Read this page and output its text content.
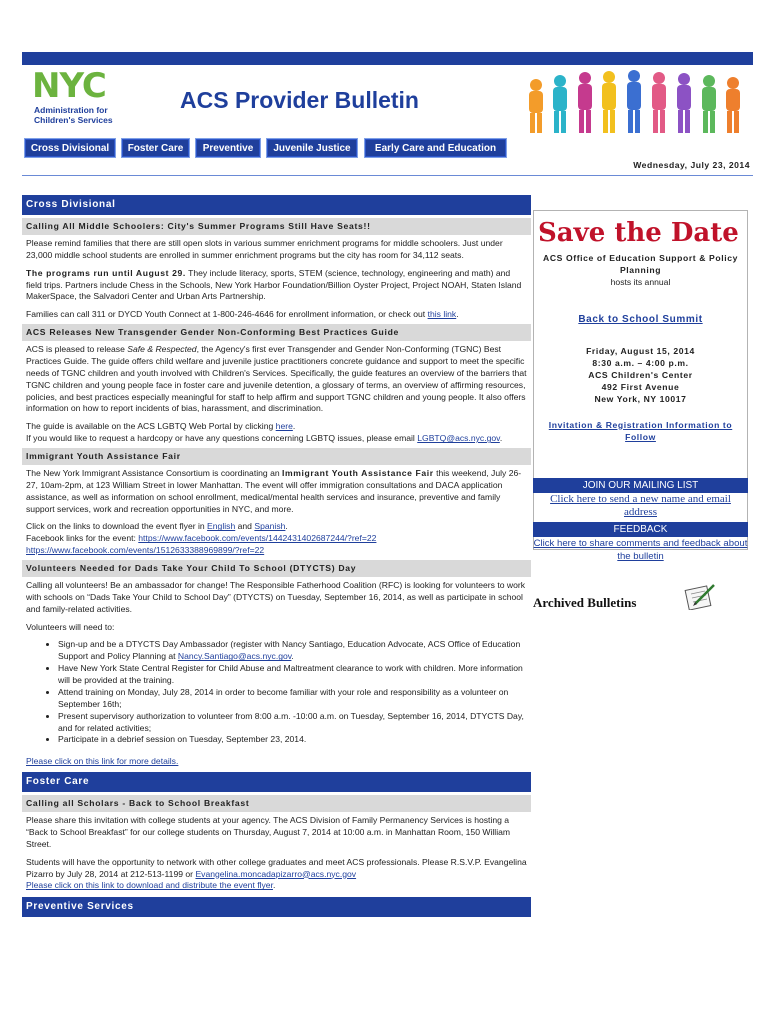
NYC
Administration for Children's Services
ACS Provider Bulletin
Cross Divisional	Foster Care	Preventive	Juvenile Justice	Early Care and Education
Wednesday, July 23, 2014
Cross Divisional
Calling All Middle Schoolers: City's Summer Programs Still Have Seats!!
Please remind families that there are still open slots in various summer enrichment programs for middle schoolers. Just under 23,000 middle school students are enrolled in summer enrichment programs but the city has room for 34,112 seats.
The programs run until August 29. They include literacy, sports, STEM (science, technology, engineering and math) and field trips. Partners include Chess in the Schools, New York Harbor Foundation/Billion Oyster Project, Project NOAH, Staten Island MakerSpace, the Salvadori Center and Urban Arts Partnership.
Families can call 311 or DYCD Youth Connect at 1-800-246-4646 for enrollment information, or check out this link.
ACS Releases New Transgender Gender Non-Conforming Best Practices Guide
ACS is pleased to release Safe & Respected, the Agency's first ever Transgender and Gender Non-Conforming (TGNC) Best Practices Guide. The guide offers child welfare and juvenile justice practitioners concrete guidance and support to meet the specific needs of TGNC children and youth involved with Children's Services. Specifically, the guide features an overview of the barriers that TGNC children and young people face in foster care and juvenile detention, a glossary of terms, an overview of affirming resources, policies, and best practices especially meaningful for staff to help affirm and support TGNC children and young people. It also offers information on how to report incidents of bias, harassment, and discrimination.
The guide is available on the ACS LGBTQ Web Portal by clicking here.
If you would like to request a hardcopy or have any questions concerning LGBTQ issues, please email LGBTQ@acs.nyc.gov.
Immigrant Youth Assistance Fair
The New York Immigrant Assistance Consortium is coordinating an Immigrant Youth Assistance Fair this weekend, July 26-27, 10am-2pm, at 123 William Street in lower Manhattan. The event will offer immigration consultations and DACA application assistance, as well as information on school enrollment, medical/mental health services and insurance, preventive and family support services, work and recreation opportunities in NYC, and more.
Click on the links to download the event flyer in English and Spanish.
Facebook links for the event: https://www.facebook.com/events/1442431402687244/?ref=22
https://www.facebook.com/events/1512633388969899/?ref=22
Volunteers Needed for Dads Take Your Child To School (DTYCTS) Day
Calling all volunteers! Be an ambassador for change! The Responsible Fatherhood Coalition (RFC) is looking for volunteers to work with schools on “Dads Take Your Child to School Day” (DTYCTS) on Tuesday, September 16, 2014, as well as participate in school and family-related activities.
Volunteers will need to:
• Sign-up and be a DTYCTS Day Ambassador (register with Nancy Santiago, Education Advocate, ACS Office of Education Support and Policy Planning at Nancy.Santiago@acs.nyc.gov.
• Have New York State Central Register for Child Abuse and Maltreatment clearance to work with children. More information will be provided at the training.
• Attend training on Monday, July 28, 2014 in order to become familiar with your role and responsibility as a volunteer on September 16th;
• Present supervisory authorization to volunteer from 8:00 a.m. -10:00 a.m. on Tuesday, September 16, 2014, DTYCTS Day, and for related activities;
• Participate in a debrief session on Tuesday, September 23, 2014.
Please click on this link for more details.
Foster Care
Calling all Scholars - Back to School Breakfast
Please share this invitation with college students at your agency. The ACS Division of Family Permanency Services is hosting a “Back to School Breakfast” for our college students on Thursday, August 7, 2014 at 10:00 a.m. in Manhattan Room, 150 William Street.
Students will have the opportunity to network with other college graduates and meet ACS professionals. Please R.S.V.P. Evangelina Pizarro by July 28, 2014 at 212-513-1199 or Evangelina.moncadapizarro@acs.nyc.gov
Please click on this link to download and distribute the event flyer.
Preventive Services
Save the Date
ACS Office of Education Support & Policy Planning
hosts its annual
Back to School Summit
Friday, August 15, 2014
8:30 a.m. – 4:00 p.m.
ACS Children's Center
492 First Avenue
New York, NY 10017
Invitation & Registration Information to Follow
JOIN OUR MAILING LIST
Click here to send a new name and email address
FEEDBACK
Click here to share comments and feedback about the bulletin
Archived Bulletins
